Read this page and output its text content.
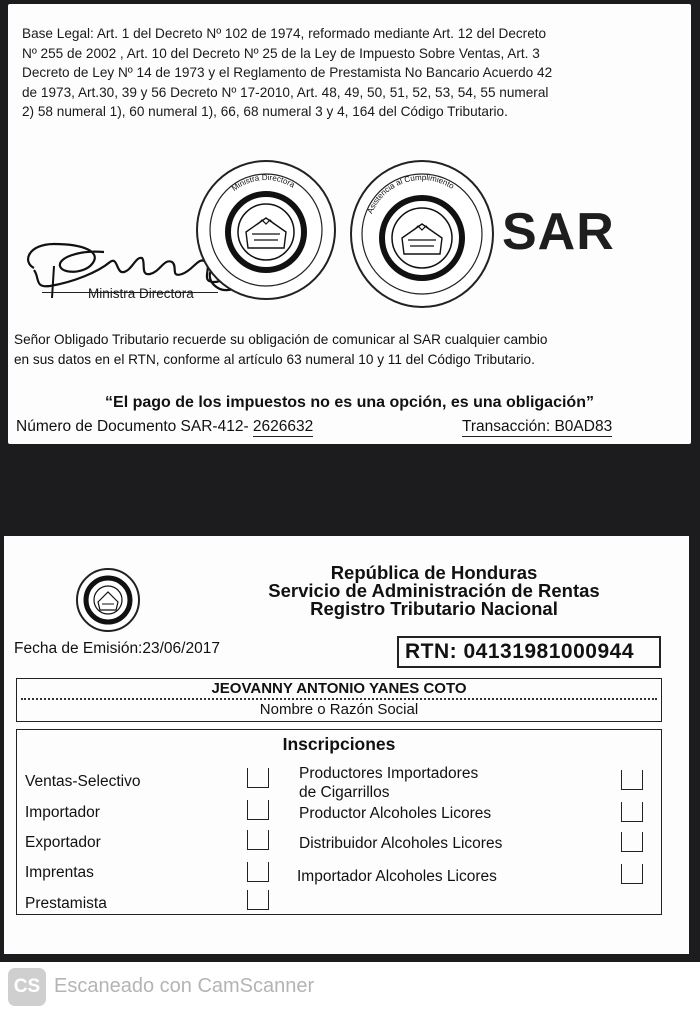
Base Legal: Art. 1 del Decreto Nº 102 de 1974, reformado mediante Art. 12 del Decreto
Nº 255 de 2002 , Art. 10 del Decreto Nº 25 de la Ley de Impuesto Sobre Ventas, Art. 3
Decreto de Ley Nº 14 de 1973 y el Reglamento de Prestamista No Bancario Acuerdo 42
de 1973, Art.30, 39 y 56 Decreto Nº 17-2010, Art. 48, 49, 50, 51, 52, 53, 54, 55 numeral
2) 58 numeral 1), 60 numeral 1), 66, 68 numeral 3 y 4, 164 del Código Tributario.
Ministra Directora
Ministra Directora
Asistencia al Cumplimiento
SAR
Señor Obligado Tributario recuerde su obligación de comunicar al SAR cualquier cambio
en sus datos en el RTN, conforme al artículo 63 numeral 10 y 11 del Código Tributario.
“El pago de los impuestos no es una opción, es una obligación”
Número de Documento SAR-412- 2626632	Transacción: B0AD83
República de Honduras
Servicio de Administración de Rentas
Registro Tributario Nacional
Fecha de Emisión:23/06/2017	RTN: 04131981000944
JEOVANNY ANTONIO YANES COTO
Nombre o Razón Social
Inscripciones
Ventas-Selectivo
Importador
Exportador
Imprentas
Prestamista
Productores Importadores
de Cigarrillos
Productor Alcoholes Licores
Distribuidor Alcoholes Licores
Importador Alcoholes Licores
CS Escaneado con CamScanner
